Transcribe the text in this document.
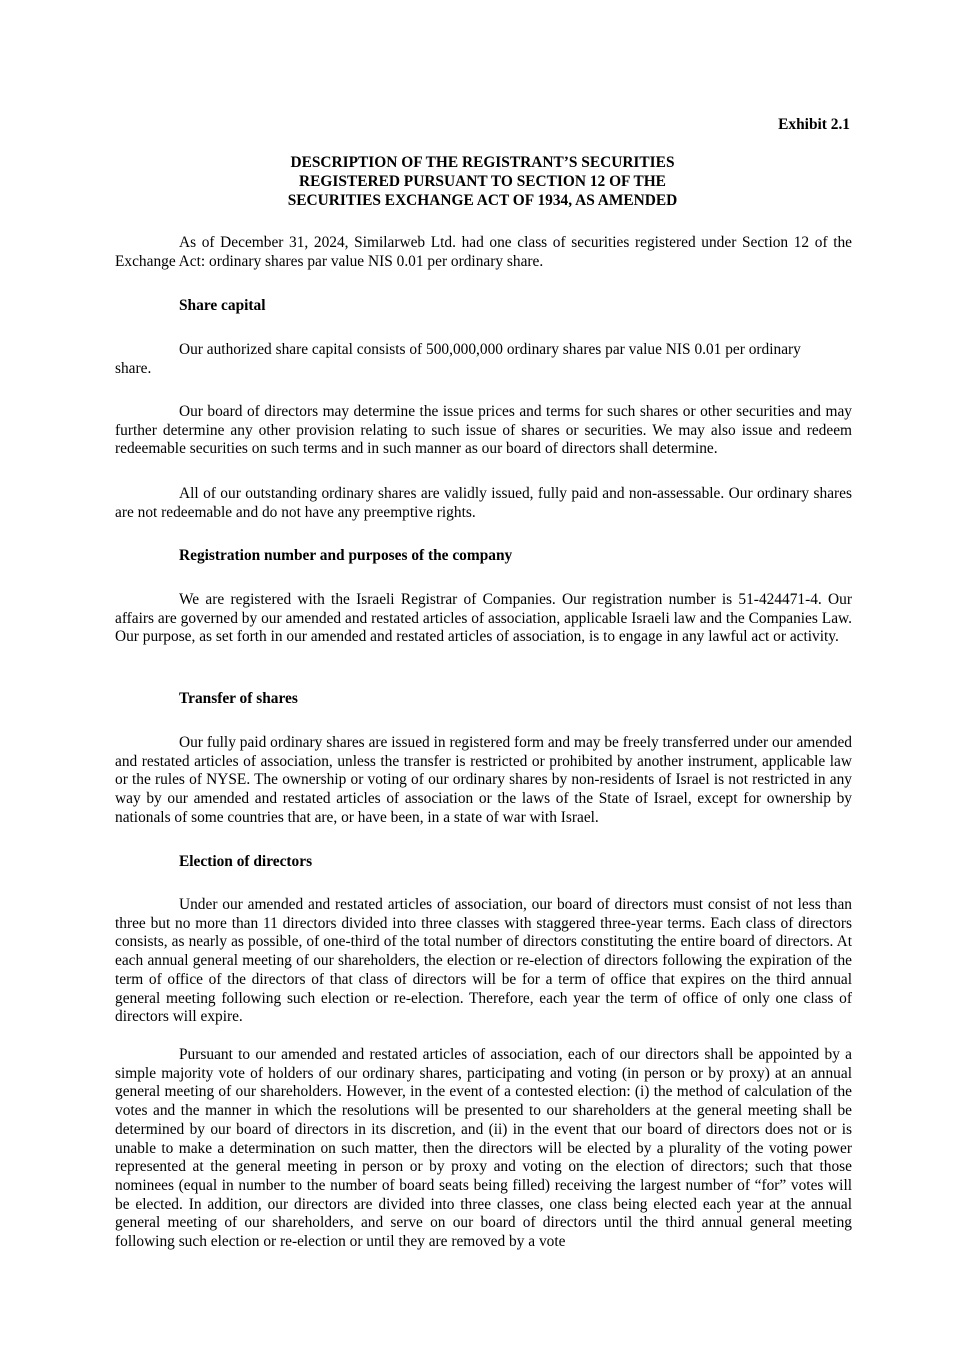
Exhibit 2.1
DESCRIPTION OF THE REGISTRANT’S SECURITIES
REGISTERED PURSUANT TO SECTION 12 OF THE
SECURITIES EXCHANGE ACT OF 1934, AS AMENDED

As of December 31, 2024, Similarweb Ltd. had one class of securities registered under Section 12 of the Exchange Act: ordinary shares par value NIS 0.01 per ordinary share.

Share capital

Our authorized share capital consists of 500,000,000 ordinary shares par value NIS 0.01 per ordinary

share.

Our board of directors may determine the issue prices and terms for such shares or other securities and may further determine any other provision relating to such issue of shares or securities. We may also issue and redeem redeemable securities on such terms and in such manner as our board of directors shall determine.

All of our outstanding ordinary shares are validly issued, fully paid and non-assessable. Our ordinary shares are not redeemable and do not have any preemptive rights.

Registration number and purposes of the company

We are registered with the Israeli Registrar of Companies. Our registration number is 51-424471-4. Our affairs are governed by our amended and restated articles of association, applicable Israeli law and the Companies Law. Our purpose, as set forth in our amended and restated articles of association, is to engage in any lawful act or activity.

Transfer of shares

Our fully paid ordinary shares are issued in registered form and may be freely transferred under our amended and restated articles of association, unless the transfer is restricted or prohibited by another instrument, applicable law or the rules of NYSE. The ownership or voting of our ordinary shares by non-residents of Israel is not restricted in any way by our amended and restated articles of association or the laws of the State of Israel, except for ownership by nationals of some countries that are, or have been, in a state of war with Israel.

Election of directors

Under our amended and restated articles of association, our board of directors must consist of not less than three but no more than 11 directors divided into three classes with staggered three-year terms. Each class of directors consists, as nearly as possible, of one-third of the total number of directors constituting the entire board of directors. At each annual general meeting of our shareholders, the election or re-election of directors following the expiration of the term of office of the directors of that class of directors will be for a term of office that expires on the third annual general meeting following such election or re-election. Therefore, each year the term of office of only one class of directors will expire.

Pursuant to our amended and restated articles of association, each of our directors shall be appointed by a simple majority vote of holders of our ordinary shares, participating and voting (in person or by proxy) at an annual general meeting of our shareholders. However, in the event of a contested election: (i) the method of calculation of the votes and the manner in which the resolutions will be presented to our shareholders at the general meeting shall be determined by our board of directors in its discretion, and (ii) in the event that our board of directors does not or is unable to make a determination on such matter, then the directors will be elected by a plurality of the voting power represented at the general meeting in person or by proxy and voting on the election of directors; such that those nominees (equal in number to the number of board seats being filled) receiving the largest number of “for” votes will be elected. In addition, our directors are divided into three classes, one class being elected each year at the annual general meeting of our shareholders, and serve on our board of directors until the third annual general meeting following such election or re-election or until they are removed by a vote
